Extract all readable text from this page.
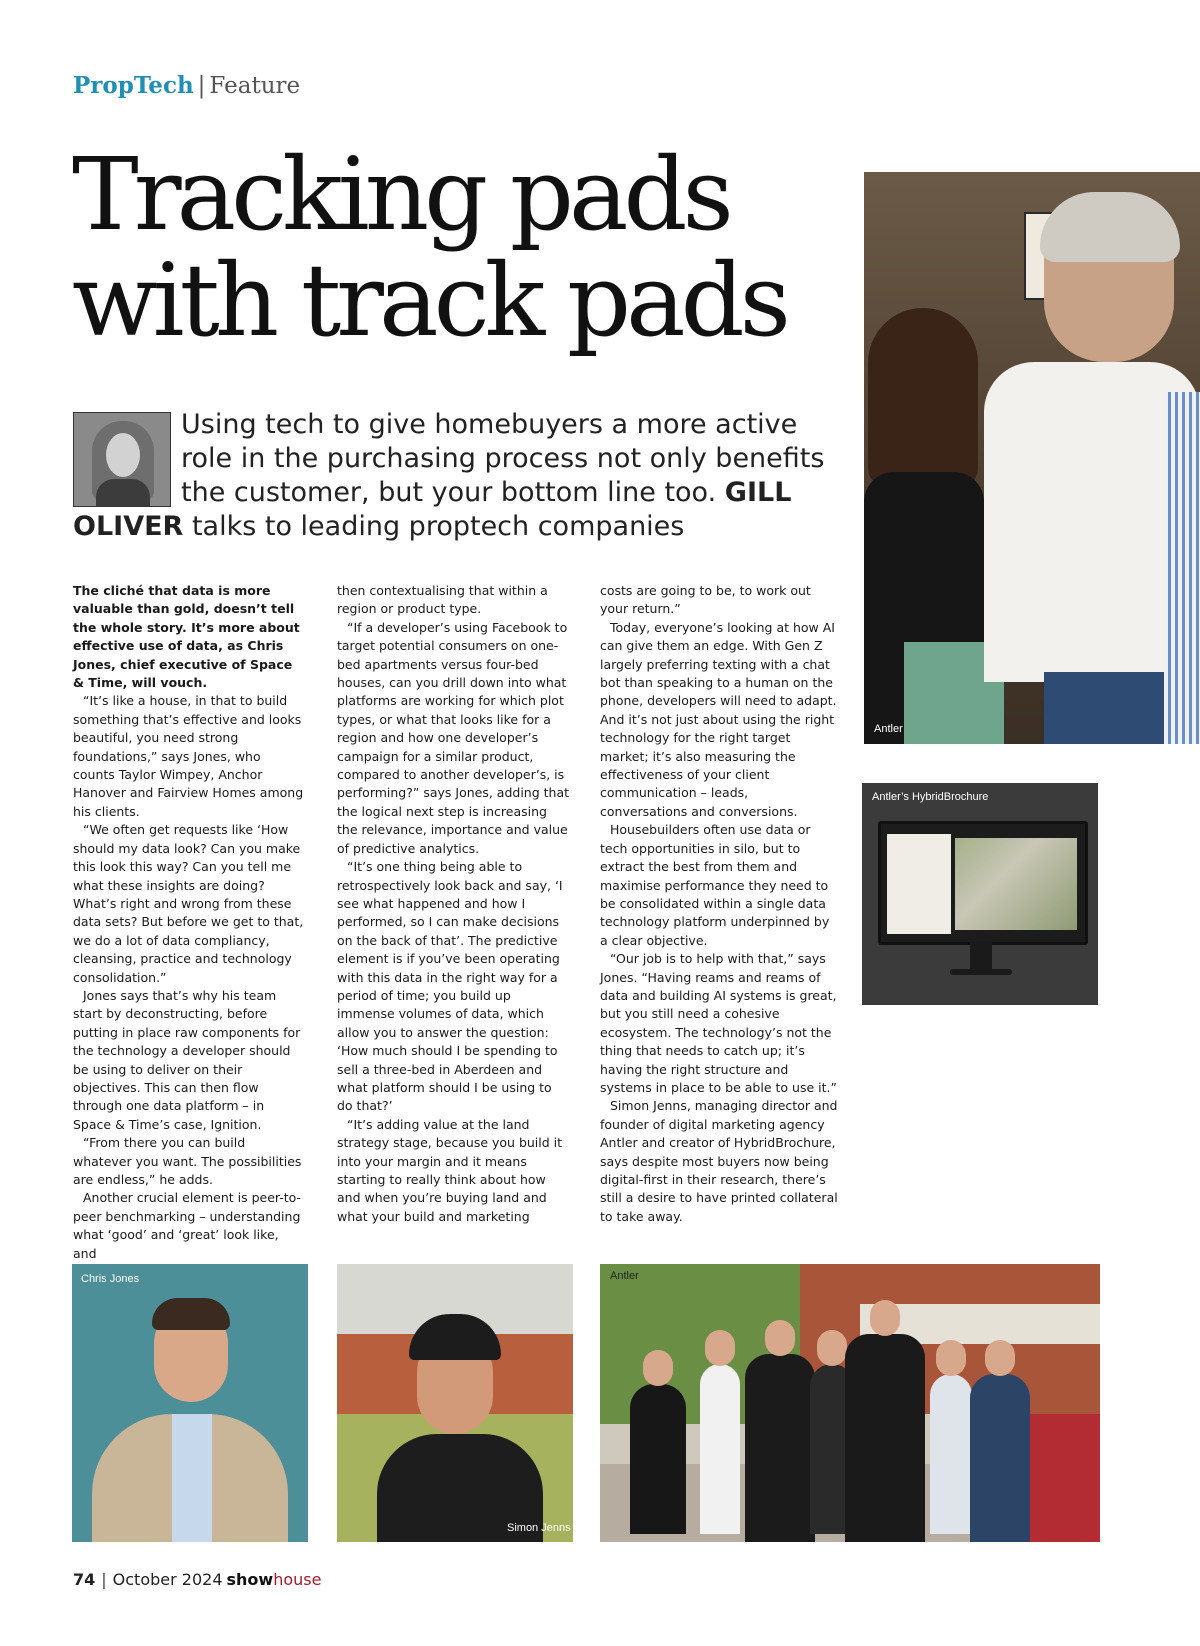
PropTech | Feature
Tracking pads with track pads
Using tech to give homebuyers a more active role in the purchasing process not only benefits the customer, but your bottom line too. GILL OLIVER talks to leading proptech companies

The cliché that data is more valuable than gold, doesn’t tell the whole story. It’s more about effective use of data, as Chris Jones, chief executive of Space & Time, will vouch.

“It’s like a house, in that to build something that’s effective and looks beautiful, you need strong foundations,” says Jones, who counts Taylor Wimpey, Anchor Hanover and Fairview Homes among his clients.

“We often get requests like ‘How should my data look? Can you make this look this way? Can you tell me what these insights are doing? What’s right and wrong from these data sets? But before we get to that, we do a lot of data compliancy, cleansing, practice and technology consolidation.”

Jones says that’s why his team start by deconstructing, before putting in place raw components for the technology a developer should be using to deliver on their objectives. This can then flow through one data platform – in Space & Time’s case, Ignition.

“From there you can build whatever you want. The possibilities are endless,” he adds.

Another crucial element is peer-to-peer benchmarking – understanding what ‘good’ and ‘great’ look like, and

then contextualising that within a region or product type.

“If a developer’s using Facebook to target potential consumers on one-bed apartments versus four-bed houses, can you drill down into what platforms are working for which plot types, or what that looks like for a region and how one developer’s campaign for a similar product, compared to another developer’s, is performing?” says Jones, adding that the logical next step is increasing the relevance, importance and value of predictive analytics.

“It’s one thing being able to retrospectively look back and say, ‘I see what happened and how I performed, so I can make decisions on the back of that’. The predictive element is if you’ve been operating with this data in the right way for a period of time; you build up immense volumes of data, which allow you to answer the question: ‘How much should I be spending to sell a three-bed in Aberdeen and what platform should I be using to do that?’

“It’s adding value at the land strategy stage, because you build it into your margin and it means starting to really think about how and when you’re buying land and what your build and marketing

costs are going to be, to work out your return.”

Today, everyone’s looking at how AI can give them an edge. With Gen Z largely preferring texting with a chat bot than speaking to a human on the phone, developers will need to adapt. And it’s not just about using the right technology for the right target market; it’s also measuring the effectiveness of your client communication – leads, conversations and conversions.

Housebuilders often use data or tech opportunities in silo, but to extract the best from them and maximise performance they need to be consolidated within a single data technology platform underpinned by a clear objective.

“Our job is to help with that,” says Jones. “Having reams and reams of data and building AI systems is great, but you still need a cohesive ecosystem. The technology’s not the thing that needs to catch up; it’s having the right structure and systems in place to be able to use it.”

Simon Jenns, managing director and founder of digital marketing agency Antler and creator of HybridBrochure, says despite most buyers now being digital-first in their research, there’s still a desire to have printed collateral to take away.

Antler
Antler’s HybridBrochure
Chris Jones
Simon Jenns
Antler
74 | October 2024 showhouse
